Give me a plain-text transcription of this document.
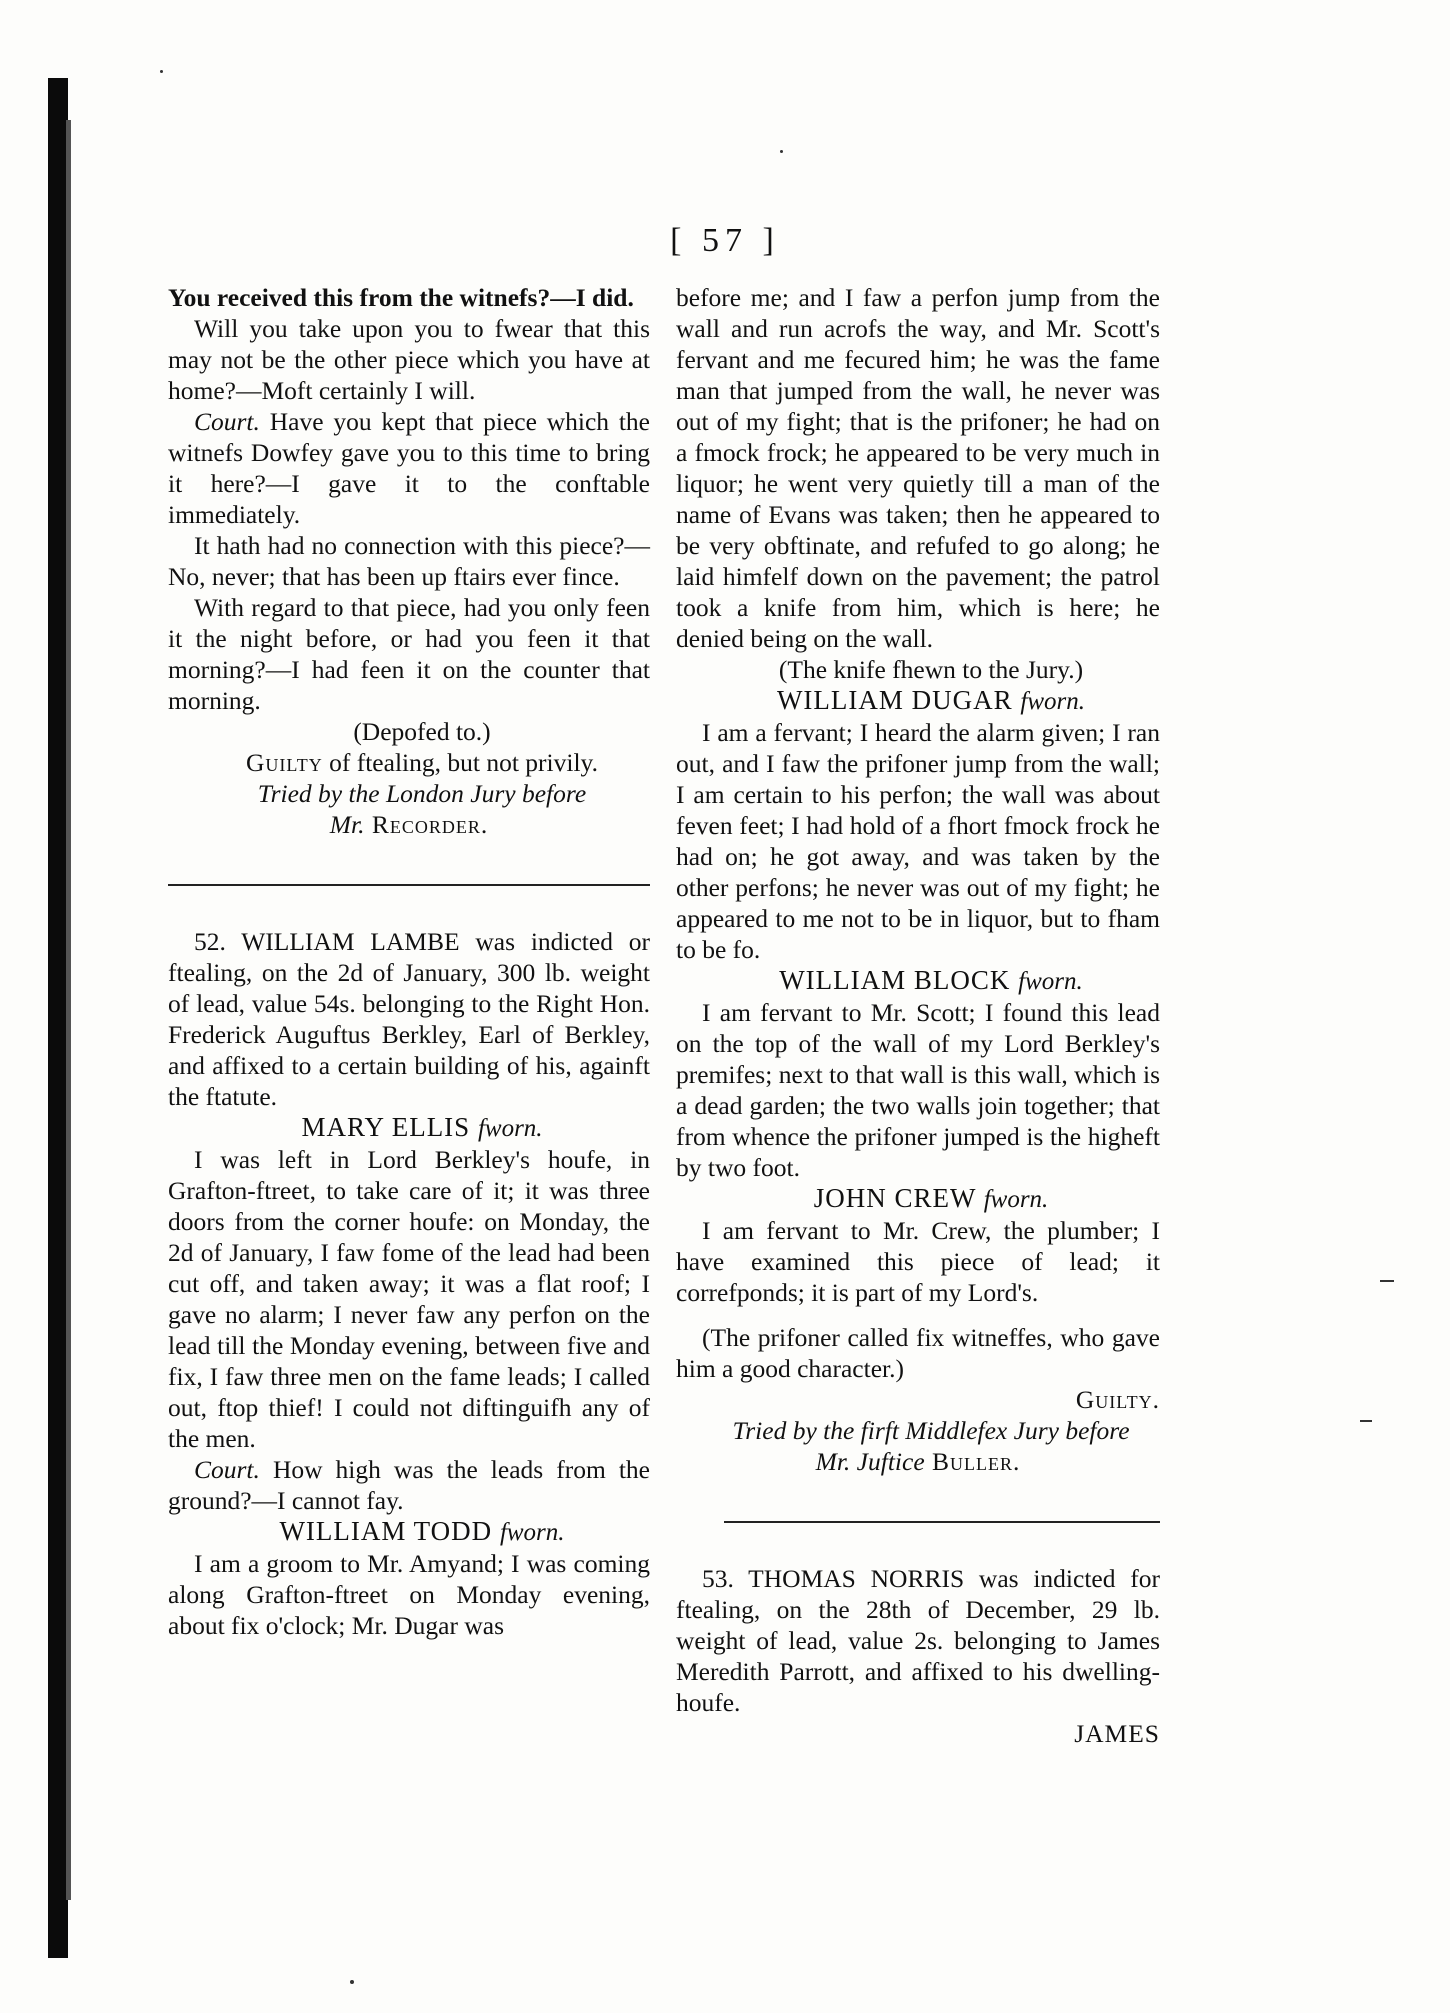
[ 57 ]

You received this from the witnefs?—I did.

Will you take upon you to fwear that this may not be the other piece which you have at home?—Moft certainly I will.

Court. Have you kept that piece which the witnefs Dowfey gave you to this time to bring it here?—I gave it to the conftable immediately.

It hath had no connection with this piece?—No, never; that has been up ftairs ever fince.

With regard to that piece, had you only feen it the night before, or had you feen it that morning?—I had feen it on the counter that morning.

(Depofed to.)

Guilty of ftealing, but not privily.

Tried by the London Jury before
Mr. Recorder.

52. WILLIAM LAMBE was indicted or ftealing, on the 2d of January, 300 lb. weight of lead, value 54s. belonging to the Right Hon. Frederick Auguftus Berkley, Earl of Berkley, and affixed to a certain building of his, againft the ftatute.

MARY ELLIS fworn.

I was left in Lord Berkley's houfe, in Grafton-ftreet, to take care of it; it was three doors from the corner houfe: on Monday, the 2d of January, I faw fome of the lead had been cut off, and taken away; it was a flat roof; I gave no alarm; I never faw any perfon on the lead till the Monday evening, between five and fix, I faw three men on the fame leads; I called out, ftop thief! I could not diftinguifh any of the men.

Court. How high was the leads from the ground?—I cannot fay.

WILLIAM TODD fworn.

I am a groom to Mr. Amyand; I was coming along Grafton-ftreet on Monday evening, about fix o'clock; Mr. Dugar was

before me; and I faw a perfon jump from the wall and run acrofs the way, and Mr. Scott's fervant and me fecured him; he was the fame man that jumped from the wall, he never was out of my fight; that is the prifoner; he had on a fmock frock; he appeared to be very much in liquor; he went very quietly till a man of the name of Evans was taken; then he appeared to be very obftinate, and refufed to go along; he laid himfelf down on the pavement; the patrol took a knife from him, which is here; he denied being on the wall.

(The knife fhewn to the Jury.)

WILLIAM DUGAR fworn.

I am a fervant; I heard the alarm given; I ran out, and I faw the prifoner jump from the wall; I am certain to his perfon; the wall was about feven feet; I had hold of a fhort fmock frock he had on; he got away, and was taken by the other perfons; he never was out of my fight; he appeared to me not to be in liquor, but to fham to be fo.

WILLIAM BLOCK fworn.

I am fervant to Mr. Scott; I found this lead on the top of the wall of my Lord Berkley's premifes; next to that wall is this wall, which is a dead garden; the two walls join together; that from whence the prifoner jumped is the higheft by two foot.

JOHN CREW fworn.

I am fervant to Mr. Crew, the plumber; I have examined this piece of lead; it correfponds; it is part of my Lord's.

(The prifoner called fix witneffes, who gave him a good character.)

Guilty.

Tried by the firft Middlefex Jury before
Mr. Juftice Buller.

53. THOMAS NORRIS was indicted for ftealing, on the 28th of December, 29 lb. weight of lead, value 2s. belonging to James Meredith Parrott, and affixed to his dwelling-houfe.

JAMES
